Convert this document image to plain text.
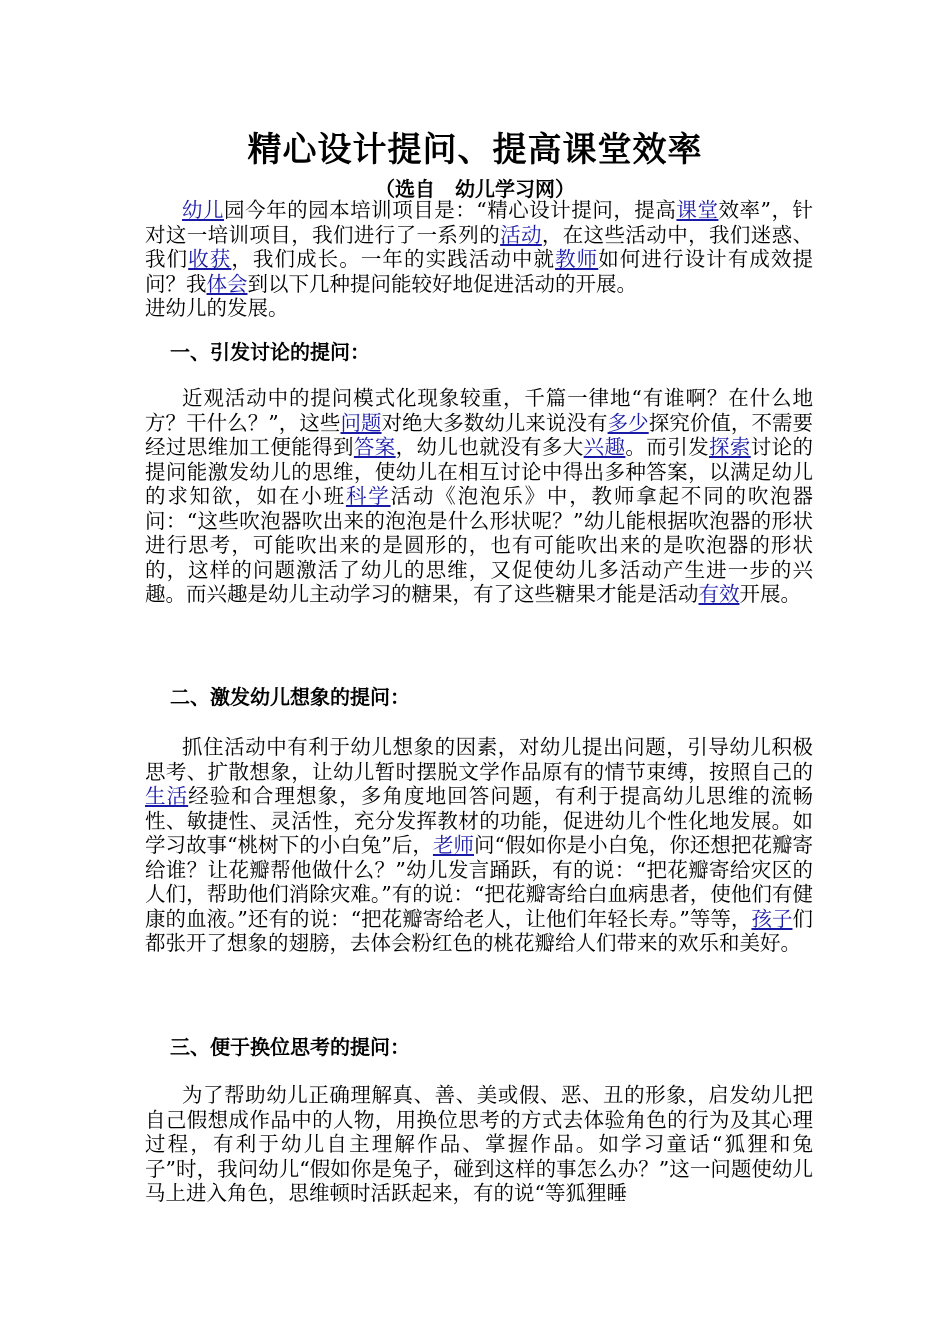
精心设计提问、提高课堂效率
（选自　幼儿学习网）

幼儿园今年的园本培训项目是：“精心设计提问，提高课堂效率”，针对这一培训项目，我们进行了一系列的活动，在这些活动中，我们迷惑、我们收获，我们成长。一年的实践活动中就教师如何进行设计有成效提问？我体会到以下几种提问能较好地促进活动的开展。
进幼儿的发展。

一、引发讨论的提问：

近观活动中的提问模式化现象较重，千篇一律地“有谁啊？在什么地方？干什么？”，这些问题对绝大多数幼儿来说没有多少探究价值，不需要经过思维加工便能得到答案，幼儿也就没有多大兴趣。而引发探索讨论的提问能激发幼儿的思维，使幼儿在相互讨论中得出多种答案，以满足幼儿的求知欲，如在小班科学活动《泡泡乐》中，教师拿起不同的吹泡器问：“这些吹泡器吹出来的泡泡是什么形状呢？”幼儿能根据吹泡器的形状进行思考，可能吹出来的是圆形的，也有可能吹出来的是吹泡器的形状的，这样的问题激活了幼儿的思维，又促使幼儿多活动产生进一步的兴趣。而兴趣是幼儿主动学习的糖果，有了这些糖果才能是活动有效开展。

二、激发幼儿想象的提问：

抓住活动中有利于幼儿想象的因素，对幼儿提出问题，引导幼儿积极思考、扩散想象，让幼儿暂时摆脱文学作品原有的情节束缚，按照自己的生活经验和合理想象，多角度地回答问题，有利于提高幼儿思维的流畅性、敏捷性、灵活性，充分发挥教材的功能，促进幼儿个性化地发展。如学习故事“桃树下的小白兔”后，老师问“假如你是小白兔，你还想把花瓣寄给谁？让花瓣帮他做什么？”幼儿发言踊跃，有的说：“把花瓣寄给灾区的人们，帮助他们消除灾难。”有的说：“把花瓣寄给白血病患者，使他们有健康的血液。”还有的说：“把花瓣寄给老人，让他们年轻长寿。”等等，孩子们都张开了想象的翅膀，去体会粉红色的桃花瓣给人们带来的欢乐和美好。

三、便于换位思考的提问：

为了帮助幼儿正确理解真、善、美或假、恶、丑的形象，启发幼儿把自己假想成作品中的人物，用换位思考的方式去体验角色的行为及其心理过程，有利于幼儿自主理解作品、掌握作品。如学习童话“狐狸和兔子”时，我问幼儿“假如你是兔子，碰到这样的事怎么办？”这一问题使幼儿马上进入角色，思维顿时活跃起来，有的说“等狐狸睡
